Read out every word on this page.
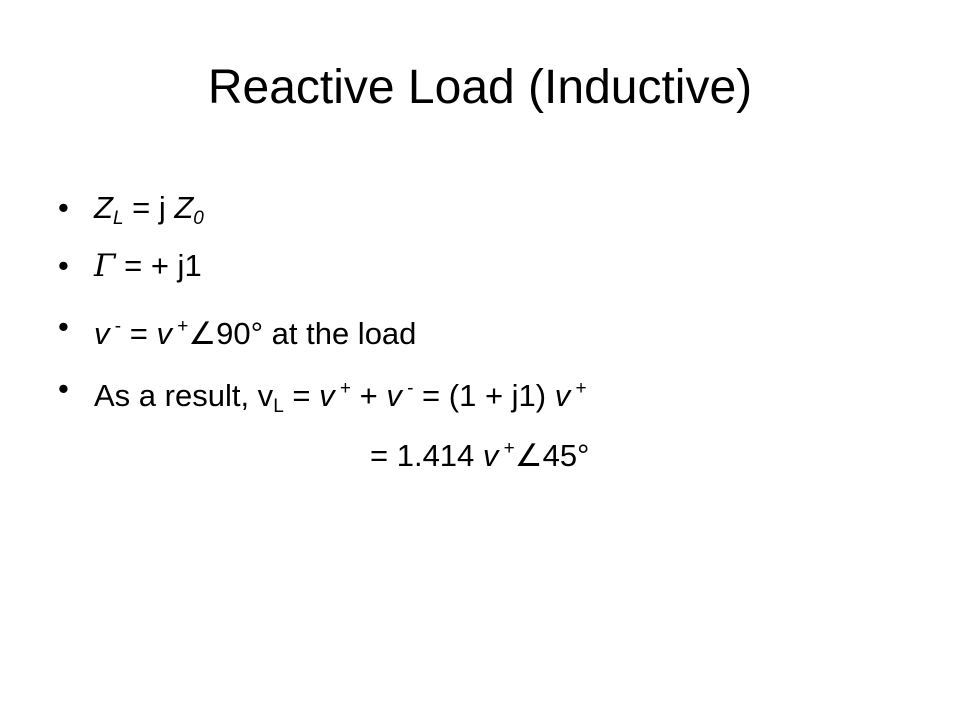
Reactive Load (Inductive)
• $Z_L = j$ $Z_0$
• Γ = + j1
• v - = v +∠90° at the load
• As a result, $v_L = v$ + + v - = (1 + j1) v +
= 1.414 v +∠45°
